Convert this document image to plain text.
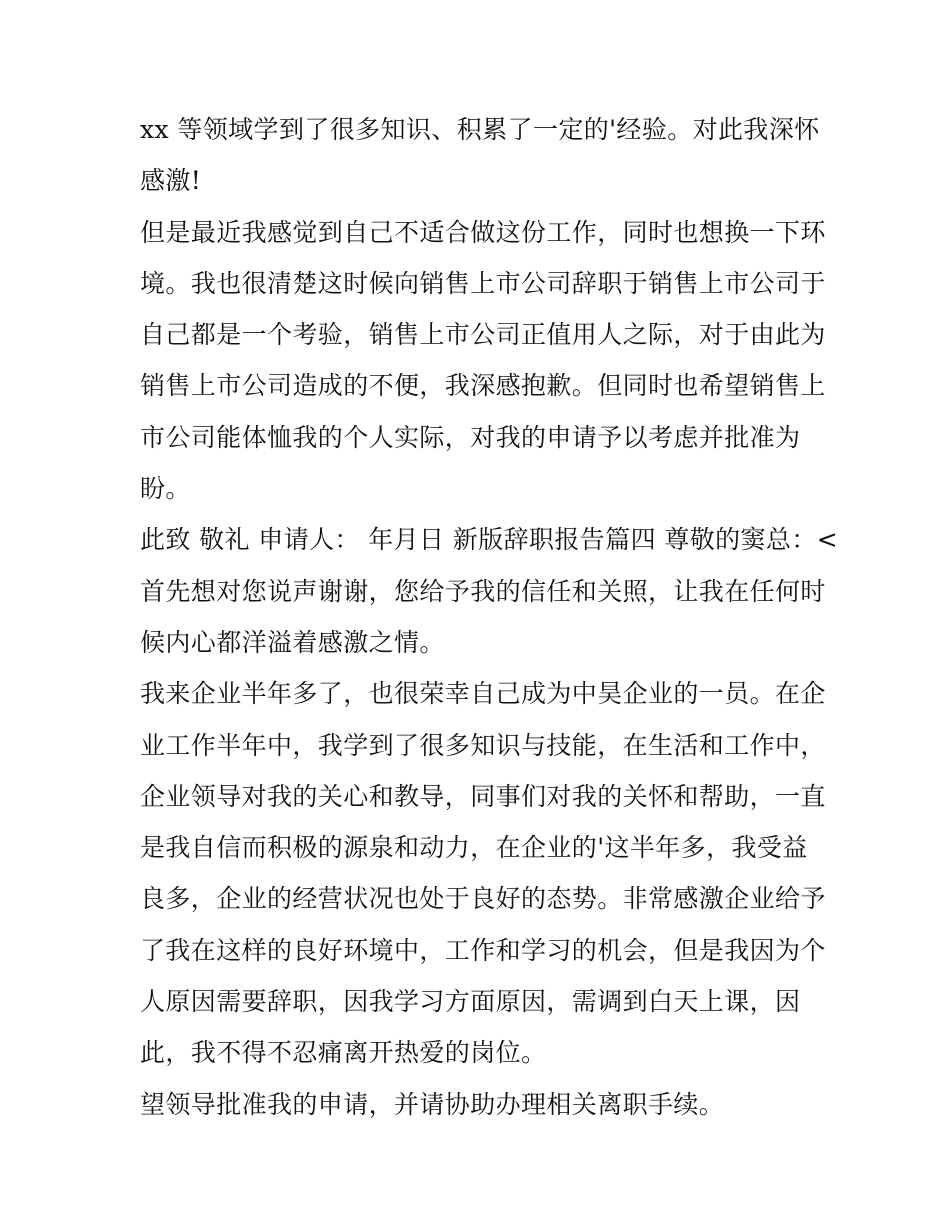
xx 等领域学到了很多知识、积累了一定的'经验。对此我深怀
感激!
但是最近我感觉到自己不适合做这份工作，同时也想换一下环
境。我也很清楚这时候向销售上市公司辞职于销售上市公司于
自己都是一个考验，销售上市公司正值用人之际，对于由此为
销售上市公司造成的不便，我深感抱歉。但同时也希望销售上
市公司能体恤我的个人实际，对我的申请予以考虑并批准为
盼。
此致 敬礼 申请人： 年月日 新版辞职报告篇四 尊敬的窦总：<
首先想对您说声谢谢，您给予我的信任和关照，让我在任何时
候内心都洋溢着感激之情。
我来企业半年多了，也很荣幸自己成为中昊企业的一员。在企
业工作半年中，我学到了很多知识与技能，在生活和工作中，
企业领导对我的关心和教导，同事们对我的关怀和帮助，一直
是我自信而积极的源泉和动力，在企业的'这半年多，我受益
良多，企业的经营状况也处于良好的态势。非常感激企业给予
了我在这样的良好环境中，工作和学习的机会，但是我因为个
人原因需要辞职，因我学习方面原因，需调到白天上课，因
此，我不得不忍痛离开热爱的岗位。
望领导批准我的申请，并请协助办理相关离职手续。
